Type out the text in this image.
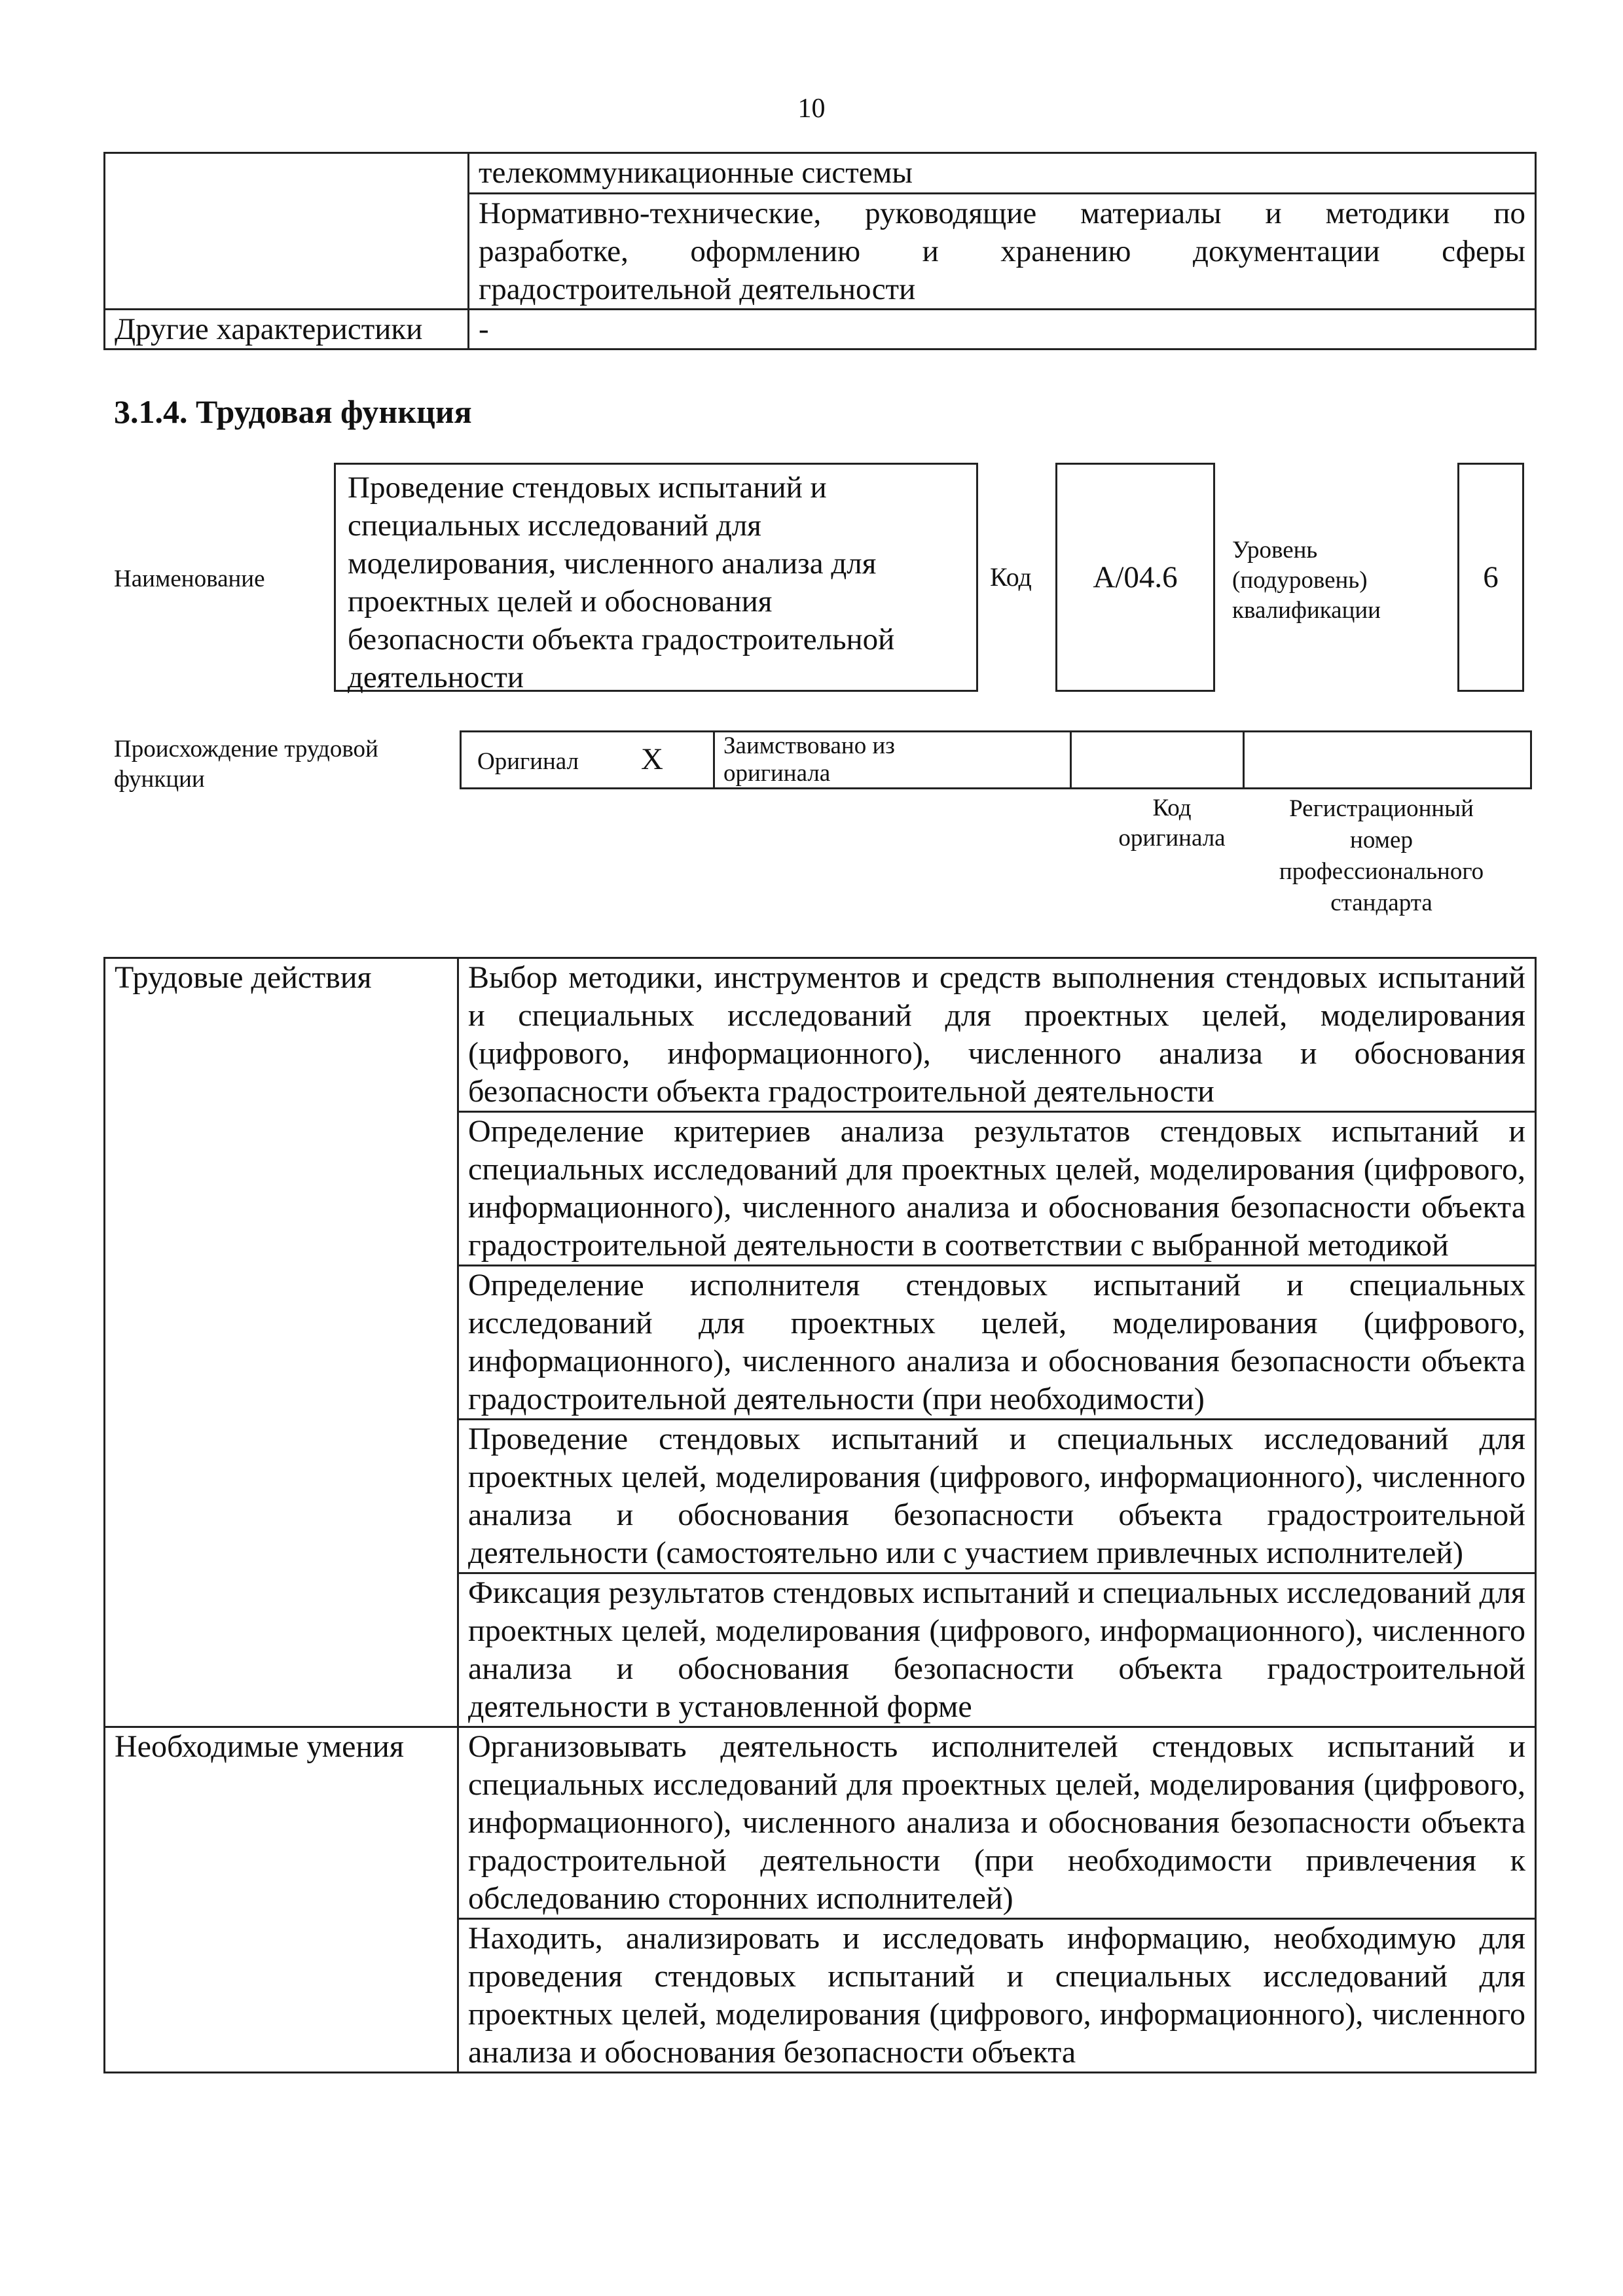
10
	телекоммуникационные системы

	Нормативно-технические, руководящие материалы и методики по
разработке, оформлению и хранению документации сферы
градостроительной деятельности

Другие характеристики	-
3.1.4. Трудовая функция
Наименование
Проведение стендовых испытаний и
специальных исследований для
моделирования, численного анализа для
проектных целей и обоснования
безопасности объекта градостроительной
деятельности
Код A/04.6
Уровень
(подуровень)
квалификации
6
Происхождение трудовой
функции
Оригинал X Заимствовано из
оригинала
Код
оригинала
Регистрационный
номер
профессионального
стандарта
Трудовые действия	Выбор методики, инструментов и средств выполнения стендовых испытаний и специальных исследований для проектных целей, моделирования (цифрового, информационного), численного анализа и обоснования безопасности объекта градостроительной деятельности
	Определение критериев анализа результатов стендовых испытаний и специальных исследований для проектных целей, моделирования (цифрового, информационного), численного анализа и обоснования безопасности объекта градостроительной деятельности в соответствии с выбранной методикой
	Определение исполнителя стендовых испытаний и специальных исследований для проектных целей, моделирования (цифрового, информационного), численного анализа и обоснования безопасности объекта градостроительной деятельности (при необходимости)
	Проведение стендовых испытаний и специальных исследований для проектных целей, моделирования (цифрового, информационного), численного анализа и обоснования безопасности объекта градостроительной деятельности (самостоятельно или с участием привлечных исполнителей)
	Фиксация результатов стендовых испытаний и специальных исследований для проектных целей, моделирования (цифрового, информационного), численного анализа и обоснования безопасности объекта градостроительной деятельности в установленной форме
Необходимые умения	Организовывать деятельность исполнителей стендовых испытаний и специальных исследований для проектных целей, моделирования (цифрового, информационного), численного анализа и обоснования безопасности объекта градостроительной деятельности (при необходимости привлечения к обследованию сторонних исполнителей)
	Находить, анализировать и исследовать информацию, необходимую для проведения стендовых испытаний и специальных исследований для проектных целей, моделирования (цифрового, информационного), численного анализа и обоснования безопасности объекта
